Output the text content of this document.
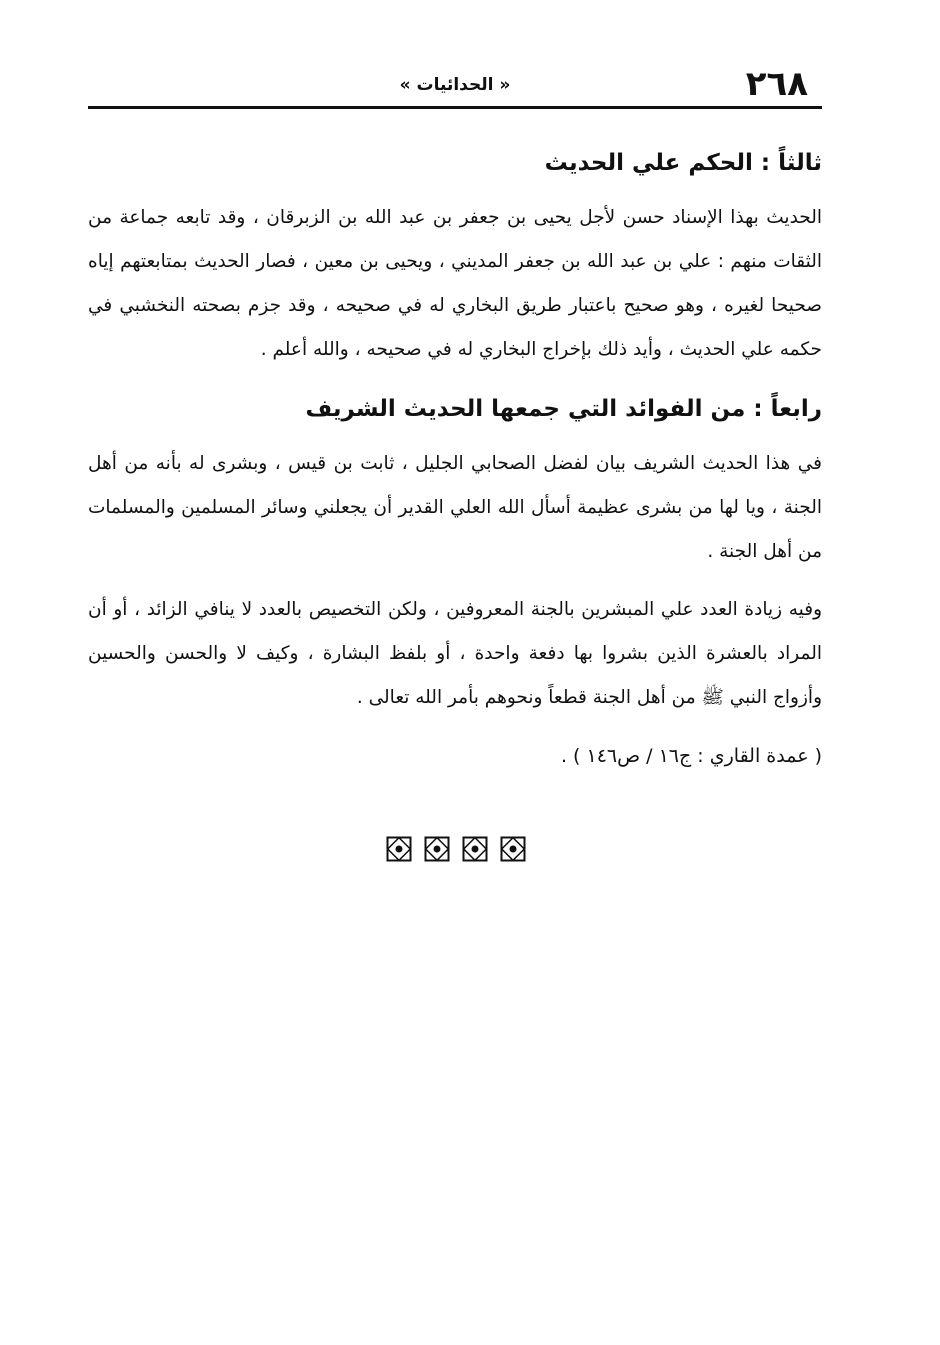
« الحدائيات »	٢٦٨
ثالثاً : الحكم علي الحديث

الحديث بهذا الإسناد حسن لأجل يحيى بن جعفر بن عبد الله بن الزبرقان ، وقد تابعه جماعة من الثقات منهم : علي بن عبد الله بن جعفر المديني ، ويحيى بن معين ، فصار الحديث بمتابعتهم إياه صحيحا لغيره ، وهو صحيح باعتبار طريق البخاري له في صحيحه ، وقد جزم بصحته النخشبي في حكمه علي الحديث ، وأيد ذلك بإخراج البخاري له في صحيحه ، والله أعلم .

رابعاً : من الفوائد التي جمعها الحديث الشريف

في هذا الحديث الشريف بيان لفضل الصحابي الجليل ، ثابت بن قيس ، وبشرى له بأنه من أهل الجنة ، ويا لها من بشرى عظيمة أسأل الله العلي القدير أن يجعلني وسائر المسلمين والمسلمات من أهل الجنة .

وفيه زيادة العدد علي المبشرين بالجنة المعروفين ، ولكن التخصيص بالعدد لا ينافي الزائد ، أو أن المراد بالعشرة الذين بشروا بها دفعة واحدة ، أو بلفظ البشارة ، وكيف لا والحسن والحسين وأزواج النبي ﷺ من أهل الجنة قطعاً ونحوهم بأمر الله تعالى .

( عمدة القاري : ج١٦ / ص١٤٦ ) .
